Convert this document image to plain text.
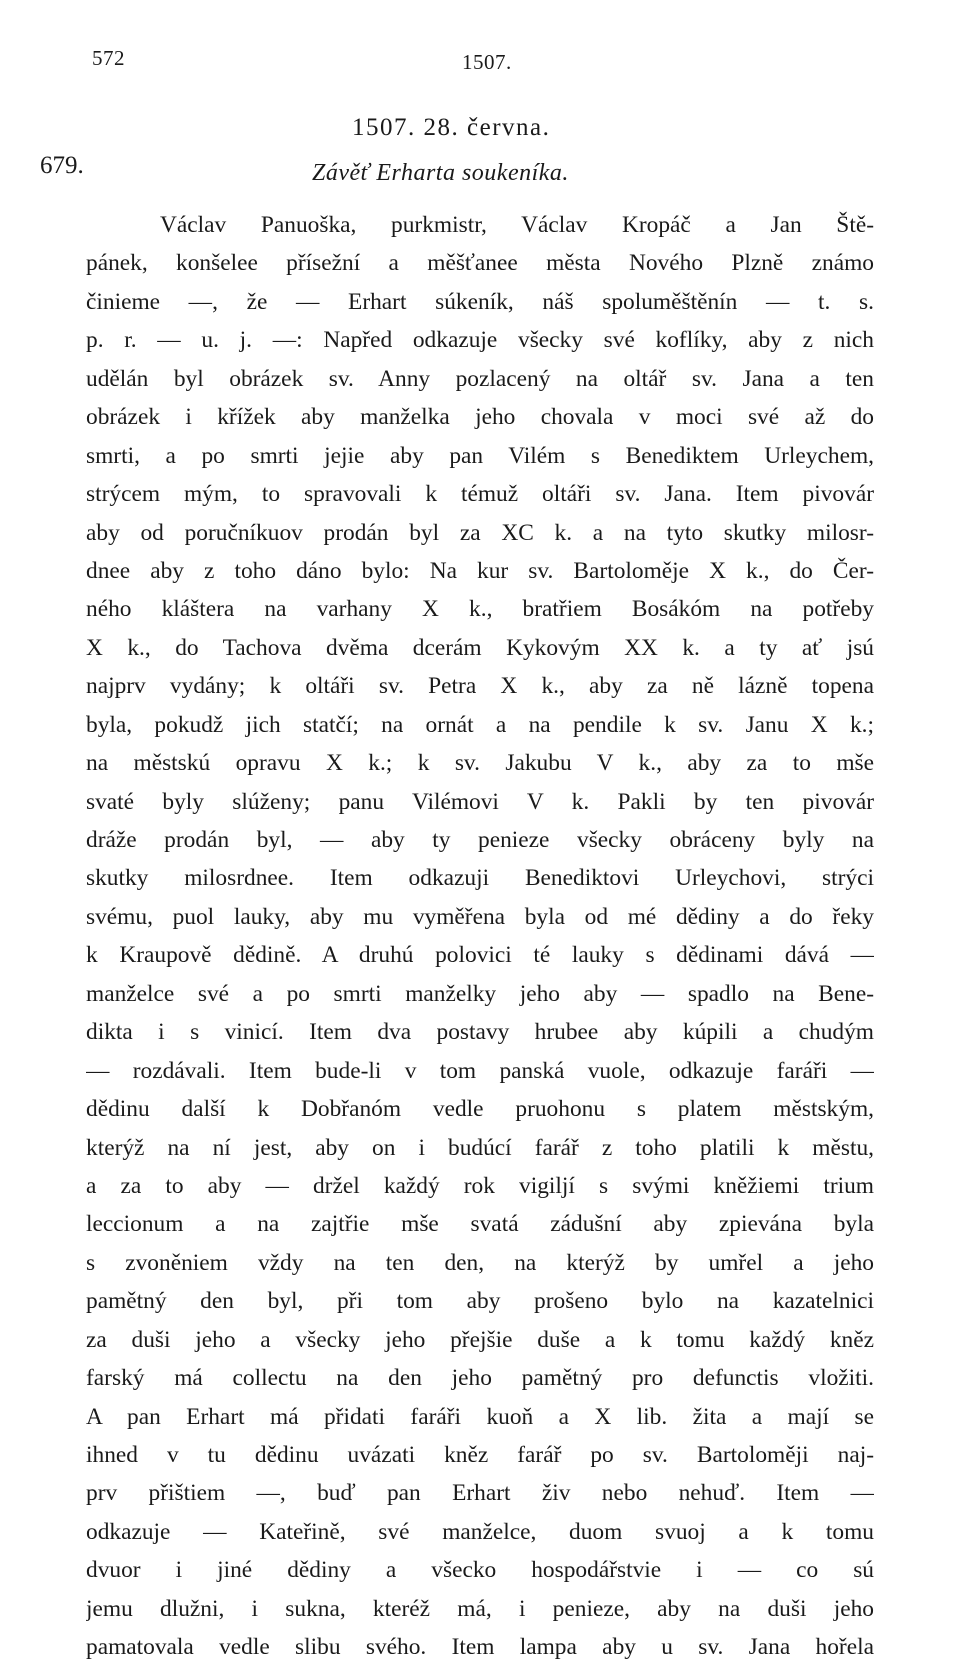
572	1507.
1507. 28. června.
679.	Závěť Erharta soukeníka.
Václav Panuoška, purkmistr, Václav Kropáč a Jan Ště-
pánek, konšelee přísežní a měšťanee města Nového Plzně známo
činieme —, že — Erhart súkeník, náš spoluměštěnín — t. s.
p. r. — u. j. —: Napřed odkazuje všecky své koflíky, aby z nich
udělán byl obrázek sv. Anny pozlacený na oltář sv. Jana a ten
obrázek i křížek aby manželka jeho chovala v moci své až do
smrti, a po smrti jejie aby pan Vilém s Benediktem Urleychem,
strýcem mým, to spravovali k témuž oltáři sv. Jana. Item pivovár
aby od poručníkuov prodán byl za XC k. a na tyto skutky milosr-
dnee aby z toho dáno bylo: Na kur sv. Bartoloměje X k., do Čer-
ného kláštera na varhany X k., bratřiem Bosákóm na potřeby
X k., do Tachova dvěma dcerám Kykovým XX k. a ty ať jsú
najprv vydány; k oltáři sv. Petra X k., aby za ně lázně topena
byla, pokudž jich statčí; na ornát a na pendile k sv. Janu X k.;
na městskú opravu X k.; k sv. Jakubu V k., aby za to mše
svaté byly slúženy; panu Vilémovi V k. Pakli by ten pivovár
dráže prodán byl, — aby ty penieze všecky obráceny byly na
skutky milosrdnee. Item odkazuji Benediktovi Urleychovi, strýci
svému, puol lauky, aby mu vyměřena byla od mé dědiny a do řeky
k Kraupově dědině. A druhú polovici té lauky s dědinami dává —
manželce své a po smrti manželky jeho aby — spadlo na Bene-
dikta i s vinicí. Item dva postavy hrubee aby kúpili a chudým
— rozdávali. Item bude-li v tom panská vuole, odkazuje faráři —
dědinu další k Dobřanóm vedle pruohonu s platem městským,
kterýž na ní jest, aby on i budúcí farář z toho platili k městu,
a za to aby — držel každý rok vigiljí s svými kněžiemi trium
leccionum a na zajtřie mše svatá zádušní aby zpievána byla
s zvoněniem vždy na ten den, na kterýž by umřel a jeho
pamětný den byl, při tom aby prošeno bylo na kazatelnici
za duši jeho a všecky jeho přejšie duše a k tomu každý kněz
farský má collectu na den jeho pamětný pro defunctis vložiti.
A pan Erhart má přidati faráři kuoň a X lib. žita a mají se
ihned v tu dědinu uvázati kněz farář po sv. Bartoloměji naj-
prv přištiem —, buď pan Erhart živ nebo nehuď. Item —
odkazuje — Kateřině, své manželce, duom svuoj a k tomu
dvuor i jiné dědiny a všecko hospodářstvie i — co sú
jemu dlužni, i sukna, kteréž má, i penieze, aby na duši jeho
pamatovala vedle slibu svého. Item lampa aby u sv. Jana hořela
